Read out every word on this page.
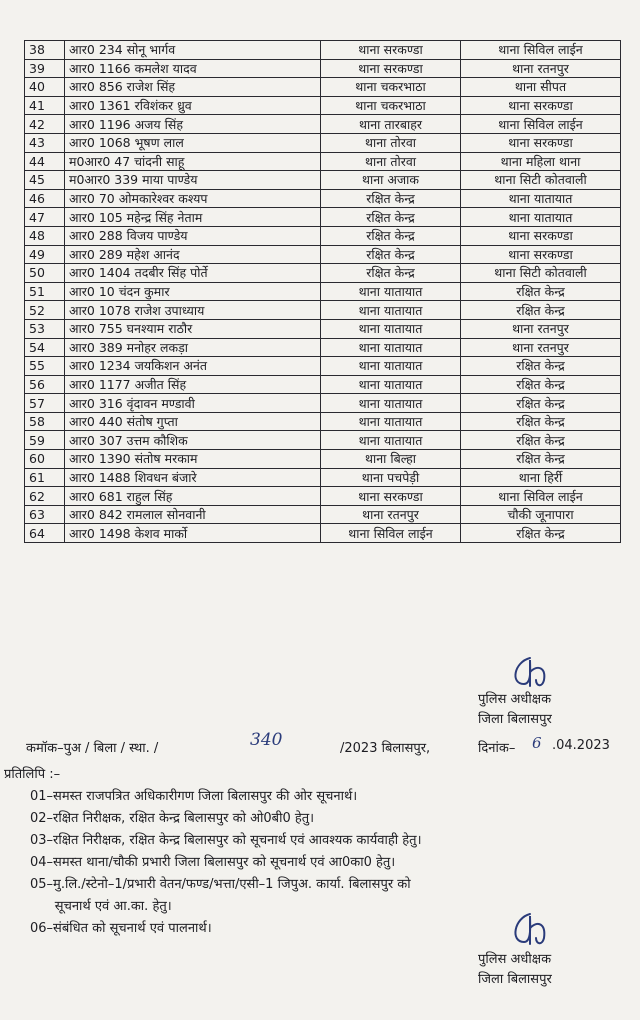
38	आर0 234 सोनू भार्गव	थाना सरकण्डा	थाना सिविल लाईन
39	आर0 1166 कमलेश यादव	थाना सरकण्डा	थाना रतनपुर
40	आर0 856 राजेश सिंह	थाना चकरभाठा	थाना सीपत
41	आर0 1361 रविशंकर ध्रुव	थाना चकरभाठा	थाना सरकण्डा
42	आर0 1196 अजय सिंह	थाना तारबाहर	थाना सिविल लाईन
43	आर0 1068 भूषण लाल	थाना तोरवा	थाना सरकण्डा
44	म0आर0 47 चांदनी साहू	थाना तोरवा	थाना महिला थाना
45	म0आर0 339 माया पाण्डेय	थाना अजाक	थाना सिटी कोतवाली
46	आर0 70 ओमकारेश्वर कश्यप	रक्षित केन्द्र	थाना यातायात
47	आर0 105 महेन्द्र सिंह नेताम	रक्षित केन्द्र	थाना यातायात
48	आर0 288 विजय पाण्डेय	रक्षित केन्द्र	थाना सरकण्डा
49	आर0 289 महेश आनंद	रक्षित केन्द्र	थाना सरकण्डा
50	आर0 1404 तदबीर सिंह पोर्ते	रक्षित केन्द्र	थाना सिटी कोतवाली
51	आर0 10 चंदन कुमार	थाना यातायात	रक्षित केन्द्र
52	आर0 1078 राजेश उपाध्याय	थाना यातायात	रक्षित केन्द्र
53	आर0 755 घनश्याम राठौर	थाना यातायात	थाना रतनपुर
54	आर0 389 मनोहर लकड़ा	थाना यातायात	थाना रतनपुर
55	आर0 1234 जयकिशन अनंत	थाना यातायात	रक्षित केन्द्र
56	आर0 1177 अजीत सिंह	थाना यातायात	रक्षित केन्द्र
57	आर0 316 वृंदावन मण्डावी	थाना यातायात	रक्षित केन्द्र
58	आर0 440 संतोष गुप्ता	थाना यातायात	रक्षित केन्द्र
59	आर0 307 उत्तम कौशिक	थाना यातायात	रक्षित केन्द्र
60	आर0 1390 संतोष मरकाम	थाना बिल्हा	रक्षित केन्द्र
61	आर0 1488 शिवधन बंजारे	थाना पचपेड़ी	थाना हिर्री
62	आर0 681 राहुल सिंह	थाना सरकण्डा	थाना सिविल लाईन
63	आर0 842 रामलाल सोनवानी	थाना रतनपुर	चौकी जूनापारा
64	आर0 1498 केशव मार्को	थाना सिविल लाईन	रक्षित केन्द्र
पुलिस अधीक्षक
जिला बिलासपुर
कमॉक–पुअ / बिला / स्था. /	340	/2023 बिलासपुर,	दिनांक– 6 .04.2023
प्रतिलिपि :–
01–समस्त राजपत्रित अधिकारीगण जिला बिलासपुर की ओर सूचनार्थ।
02–रक्षित निरीक्षक, रक्षित केन्द्र बिलासपुर को ओ0बी0 हेतु।
03–रक्षित निरीक्षक, रक्षित केन्द्र बिलासपुर को सूचनार्थ एवं आवश्यक कार्यवाही हेतु।
04–समस्त थाना/चौकी प्रभारी जिला बिलासपुर को सूचनार्थ एवं आ0का0 हेतु।
05–मु.लि./स्टेनो–1/प्रभारी वेतन/फण्ड/भत्ता/एसी–1 जिपुअ. कार्या. बिलासपुर को
सूचनार्थ एवं आ.का. हेतु।
06–संबंधित को सूचनार्थ एवं पालनार्थ।
पुलिस अधीक्षक
जिला बिलासपुर
